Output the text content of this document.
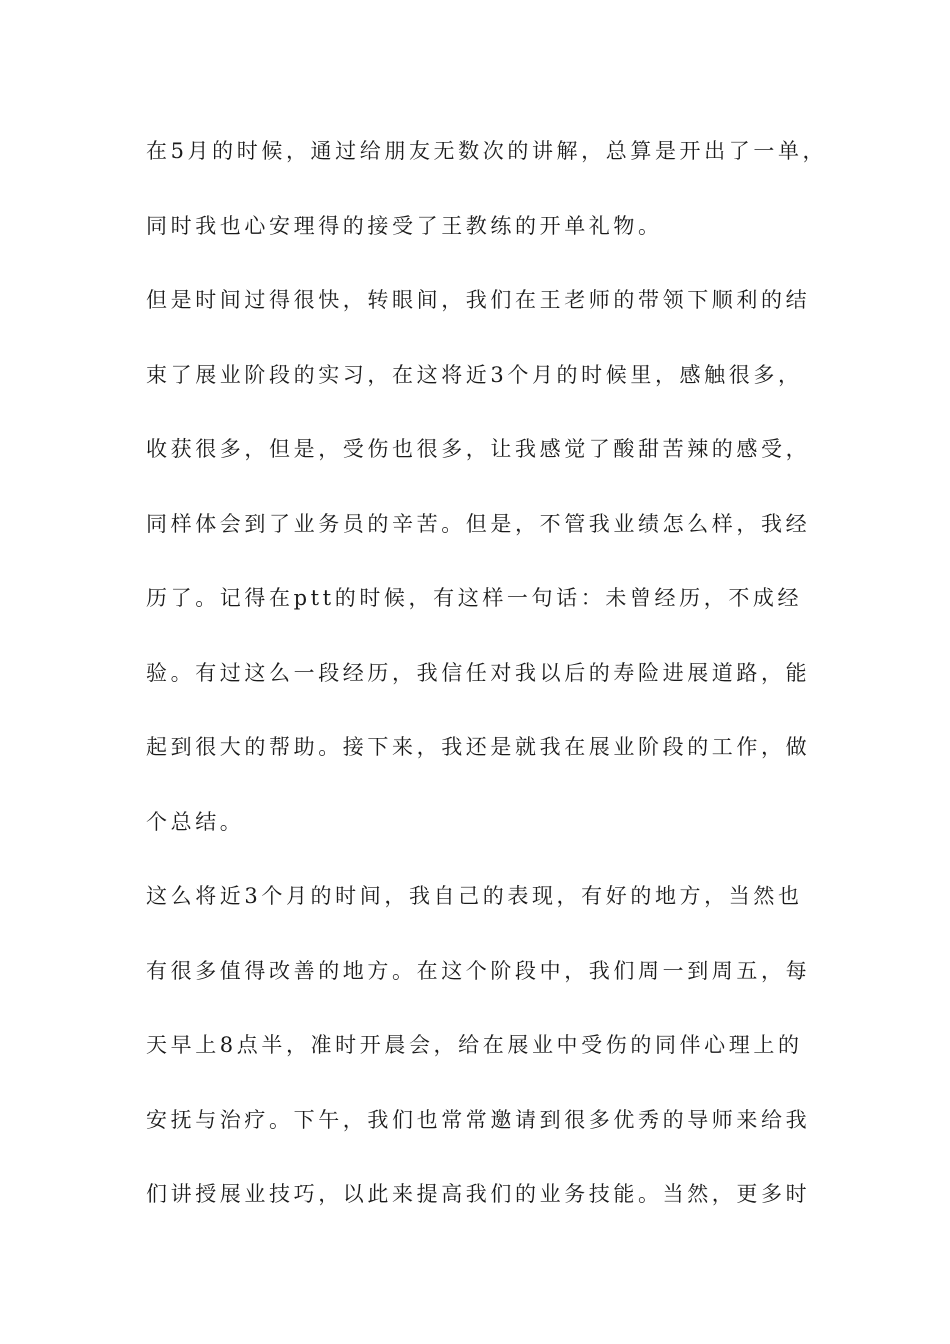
在5月的时候，通过给朋友无数次的讲解，总算是开出了一单，
同时我也心安理得的接受了王教练的开单礼物。
但是时间过得很快，转眼间，我们在王老师的带领下顺利的结
束了展业阶段的实习，在这将近3个月的时候里，感触很多，
收获很多，但是，受伤也很多，让我感觉了酸甜苦辣的感受，
同样体会到了业务员的辛苦。但是，不管我业绩怎么样，我经
历了。记得在ptt的时候，有这样一句话：未曾经历，不成经
验。有过这么一段经历，我信任对我以后的寿险进展道路，能
起到很大的帮助。接下来，我还是就我在展业阶段的工作，做
个总结。
这么将近3个月的时间，我自己的表现，有好的地方，当然也
有很多值得改善的地方。在这个阶段中，我们周一到周五，每
天早上8点半，准时开晨会，给在展业中受伤的同伴心理上的
安抚与治疗。下午，我们也常常邀请到很多优秀的导师来给我
们讲授展业技巧，以此来提高我们的业务技能。当然，更多时
